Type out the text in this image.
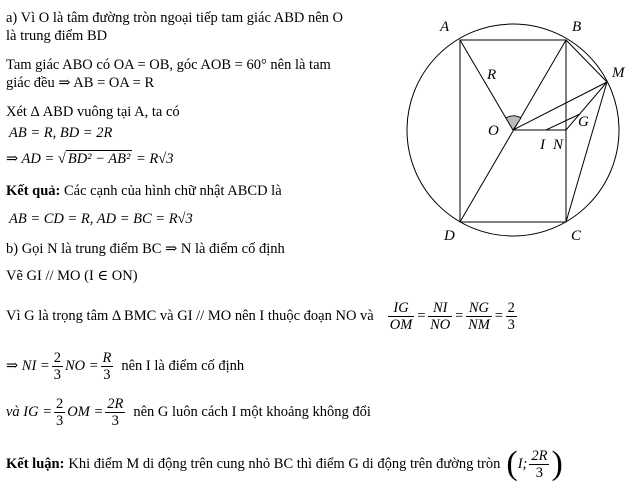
a) Vì O là tâm đường tròn ngoại tiếp tam giác ABD nên O
là trung điểm BD
Tam giác ABO có OA = OB, góc AOB = 60° nên là tam
giác đều ⇒ AB = OA = R
Xét Δ ABD vuông tại A, ta có
AB = R, BD = 2R
⇒ AD = √ BD² − AB² = R√3
Kết quả: Các cạnh của hình chữ nhật ABCD là
AB = CD = R, AD = BC = R√3
b) Gọi N là trung điểm BC ⇒ N là điểm cố định
Vẽ GI // MO (I ∈ ON)
Vì G là trọng tâm Δ BMC và GI // MO nên I thuộc đoạn NO và $\frac{IG}{OM} = \frac{NI}{NO} = \frac{NG}{NM} = \frac{2}{3}$
⇒ NI = $\frac{2}{3}$ NO = $\frac{R}{3}$ nên I là điểm cố định
và IG = $\frac{2}{3}$ OM = $\frac{2R}{3}$ nên G luôn cách I một khoảng không đổi
Kết luận: Khi điểm M di động trên cung nhỏ BC thì điểm G di động trên đường tròn ( I; $\frac{2R}{3}$ )
A	B
C
D
O
M
G
I N
R
